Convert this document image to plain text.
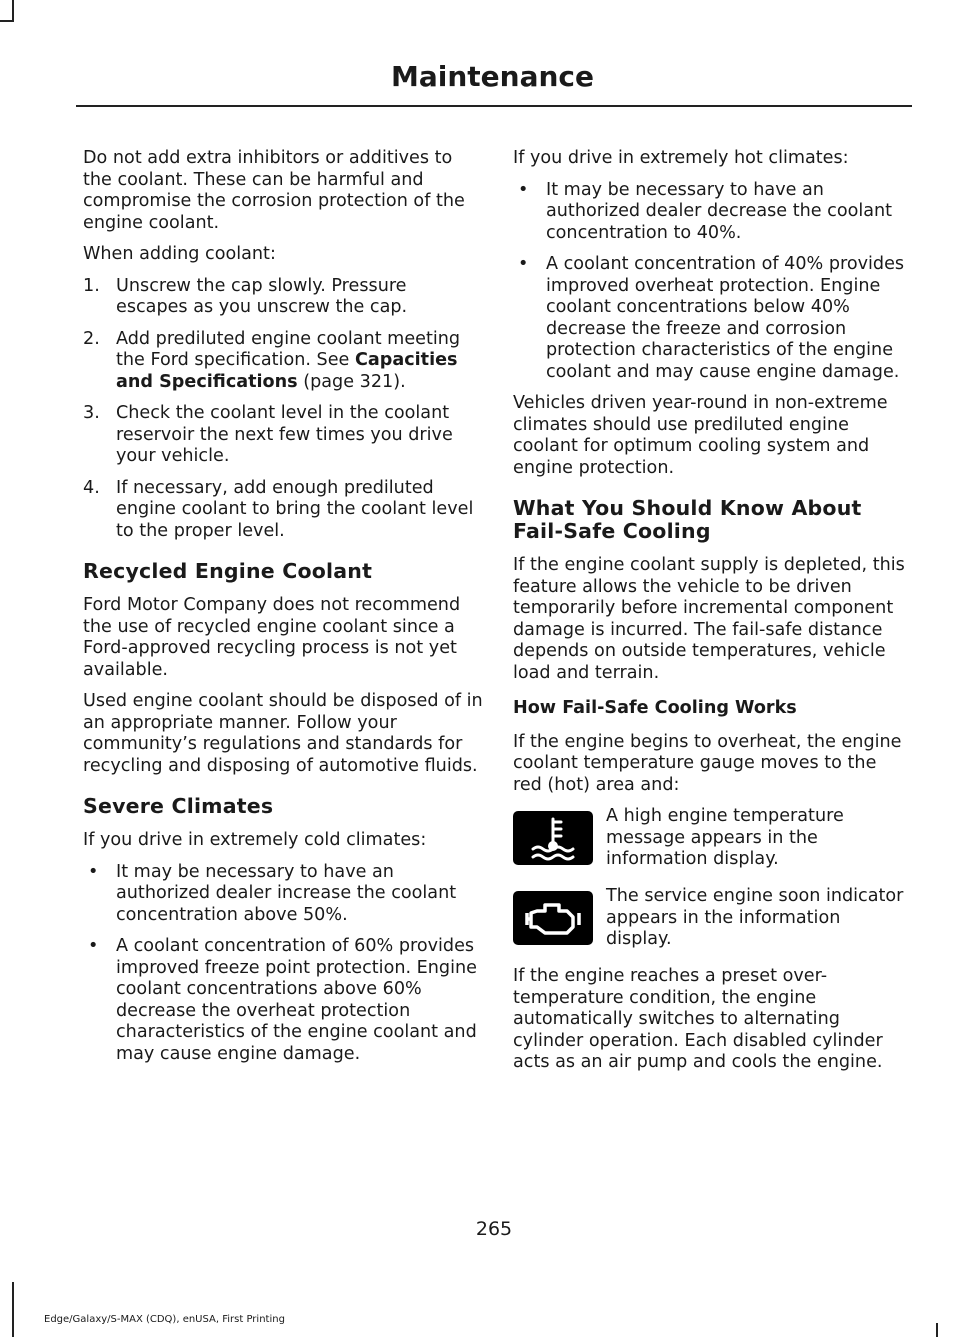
Maintenance

Do not add extra inhibitors or additives to the coolant. These can be harmful and compromise the corrosion protection of the engine coolant.

When adding coolant:

1. Unscrew the cap slowly. Pressure escapes as you unscrew the cap.
2. Add prediluted engine coolant meeting the Ford specification. See Capacities and Specifications (page 321).
3. Check the coolant level in the coolant reservoir the next few times you drive your vehicle.
4. If necessary, add enough prediluted engine coolant to bring the coolant level to the proper level.
Recycled Engine Coolant

Ford Motor Company does not recommend the use of recycled engine coolant since a Ford-approved recycling process is not yet available.

Used engine coolant should be disposed of in an appropriate manner. Follow your community’s regulations and standards for recycling and disposing of automotive fluids.

Severe Climates

If you drive in extremely cold climates:

• It may be necessary to have an authorized dealer increase the coolant concentration above 50%.
• A coolant concentration of 60% provides improved freeze point protection. Engine coolant concentrations above 60% decrease the overheat protection characteristics of the engine coolant and may cause engine damage.

If you drive in extremely hot climates:

• It may be necessary to have an authorized dealer decrease the coolant concentration to 40%.
• A coolant concentration of 40% provides improved overheat protection. Engine coolant concentrations below 40% decrease the freeze and corrosion protection characteristics of the engine coolant and may cause engine damage.

Vehicles driven year-round in non-extreme climates should use prediluted engine coolant for optimum cooling system and engine protection.

What You Should Know About Fail-Safe Cooling

If the engine coolant supply is depleted, this feature allows the vehicle to be driven temporarily before incremental component damage is incurred. The fail-safe distance depends on outside temperatures, vehicle load and terrain.

How Fail-Safe Cooling Works

If the engine begins to overheat, the engine coolant temperature gauge moves to the red (hot) area and:

A high engine temperature message appears in the information display.
The service engine soon indicator appears in the information display.

If the engine reaches a preset over-temperature condition, the engine automatically switches to alternating cylinder operation. Each disabled cylinder acts as an air pump and cools the engine.

265
Edge/Galaxy/S-MAX (CDQ), enUSA, First Printing
